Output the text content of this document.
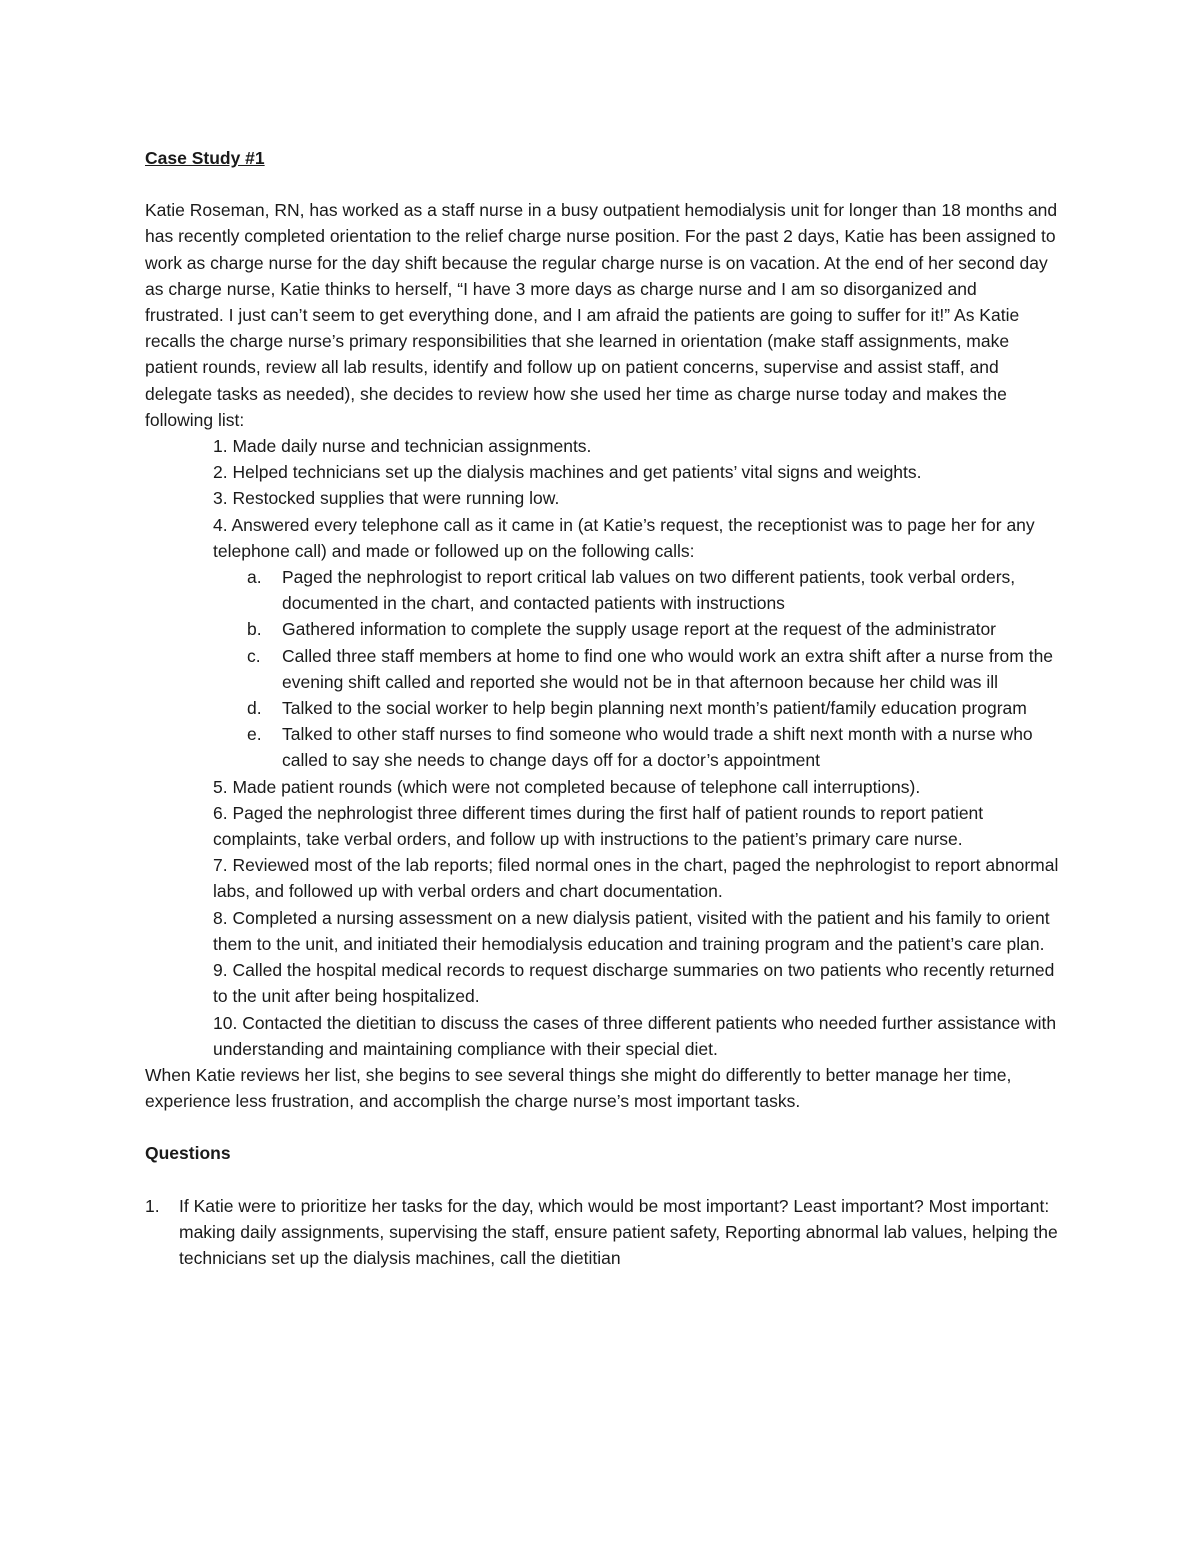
Case Study #1

Katie Roseman, RN, has worked as a staff nurse in a busy outpatient hemodialysis unit for longer than 18 months and has recently completed orientation to the relief charge nurse position. For the past 2 days, Katie has been assigned to work as charge nurse for the day shift because the regular charge nurse is on vacation. At the end of her second day as charge nurse, Katie thinks to herself, “I have 3 more days as charge nurse and I am so disorganized and frustrated. I just can’t seem to get everything done, and I am afraid the patients are going to suffer for it!” As Katie recalls the charge nurse’s primary responsibilities that she learned in orientation (make staff assignments, make patient rounds, review all lab results, identify and follow up on patient concerns, supervise and assist staff, and delegate tasks as needed), she decides to review how she used her time as charge nurse today and makes the following list:

1. Made daily nurse and technician assignments.
2. Helped technicians set up the dialysis machines and get patients’ vital signs and weights.
3. Restocked supplies that were running low.
4. Answered every telephone call as it came in (at Katie’s request, the receptionist was to page her for any telephone call) and made or followed up on the following calls:
a. Paged the nephrologist to report critical lab values on two different patients, took verbal orders, documented in the chart, and contacted patients with instructions
b. Gathered information to complete the supply usage report at the request of the administrator
c. Called three staff members at home to find one who would work an extra shift after a nurse from the evening shift called and reported she would not be in that afternoon because her child was ill
d. Talked to the social worker to help begin planning next month’s patient/family education program
e. Talked to other staff nurses to find someone who would trade a shift next month with a nurse who called to say she needs to change days off for a doctor’s appointment
5. Made patient rounds (which were not completed because of telephone call interruptions).
6. Paged the nephrologist three different times during the first half of patient rounds to report patient complaints, take verbal orders, and follow up with instructions to the patient’s primary care nurse.
7. Reviewed most of the lab reports; filed normal ones in the chart, paged the nephrologist to report abnormal labs, and followed up with verbal orders and chart documentation.
8. Completed a nursing assessment on a new dialysis patient, visited with the patient and his family to orient them to the unit, and initiated their hemodialysis education and training program and the patient’s care plan.
9. Called the hospital medical records to request discharge summaries on two patients who recently returned to the unit after being hospitalized.
10. Contacted the dietitian to discuss the cases of three different patients who needed further assistance with understanding and maintaining compliance with their special diet.

When Katie reviews her list, she begins to see several things she might do differently to better manage her time, experience less frustration, and accomplish the charge nurse’s most important tasks.

Questions

1. If Katie were to prioritize her tasks for the day, which would be most important? Least important? Most important: making daily assignments, supervising the staff, ensure patient safety, Reporting abnormal lab values, helping the technicians set up the dialysis machines, call the dietitian
